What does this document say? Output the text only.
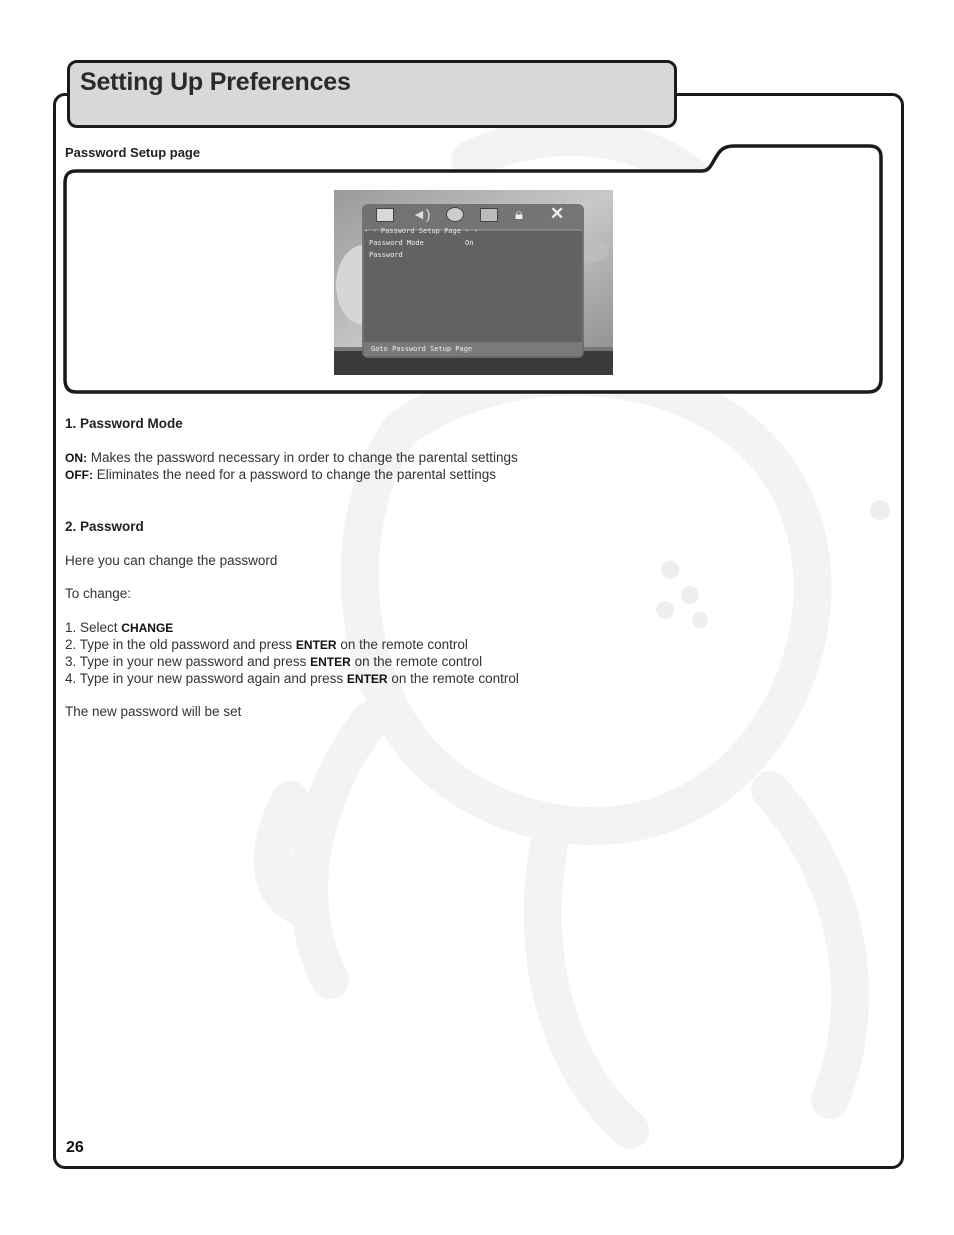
Setting Up Preferences
Password Setup page
◄)	🔒︎ ✕
- - Password Setup Page - -
Password Mode	On
Password
Goto Password Setup Page
1. Password Mode
ON: Makes the password necessary in order to change the parental settings
OFF: Eliminates the need for a password to change the parental settings
2. Password
Here you can change the password
To change:
1. Select CHANGE
2. Type in the old password and press ENTER on the remote control
3. Type in your new password and press ENTER on the remote control
4. Type in your new password again and press ENTER on the remote control
The new password will be set
26
